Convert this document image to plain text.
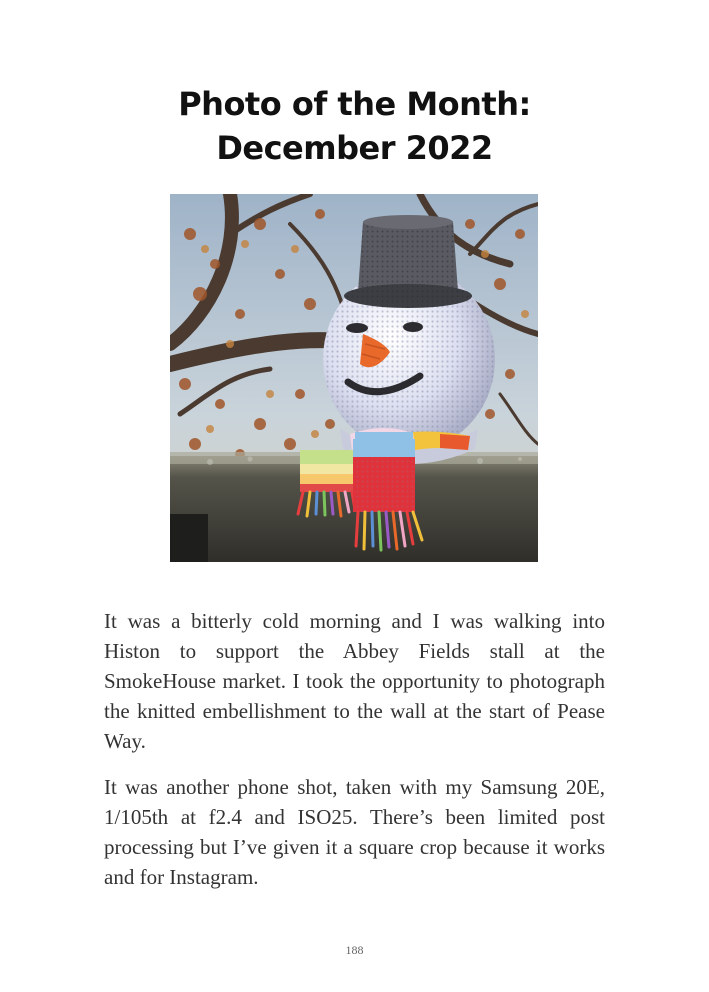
Photo of the Month:
December 2022

It was a bitterly cold morning and I was walking into Histon to support the Abbey Fields stall at the SmokeHouse market. I took the opportunity to photograph the knitted embellishment to the wall at the start of Pease Way.

It was another phone shot, taken with my Samsung 20E, 1/105th at f2.4 and ISO25. There’s been limited post processing but I’ve given it a square crop because it works and for Instagram.

188
